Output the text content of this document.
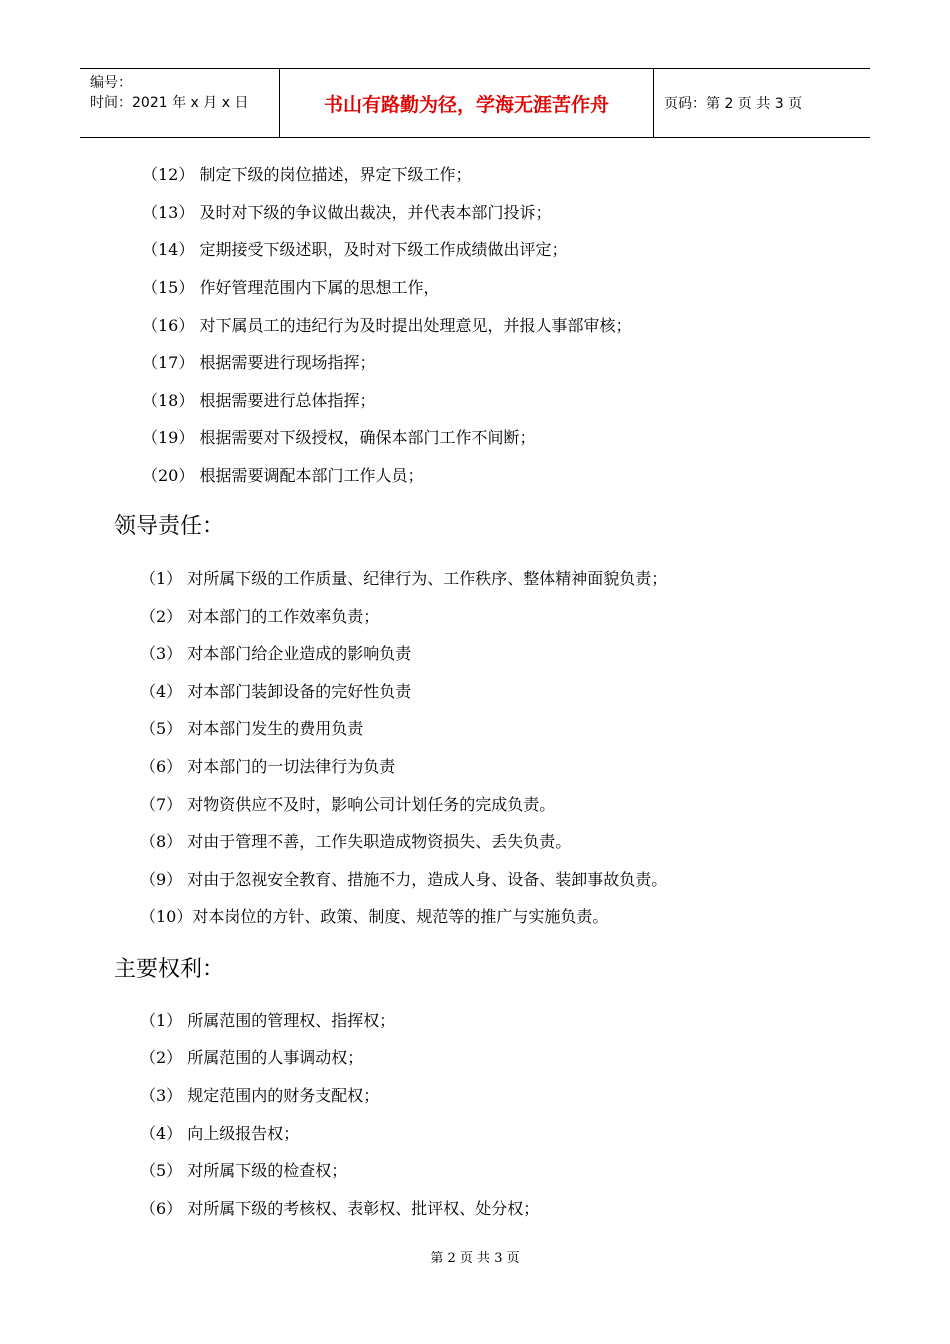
编号：
时间：2021 年 x 月 x 日	书山有路勤为径，学海无涯苦作舟	页码：第 2 页 共 3 页
（12） 制定下级的岗位描述，界定下级工作；
（13） 及时对下级的争议做出裁决，并代表本部门投诉；
（14） 定期接受下级述职，及时对下级工作成绩做出评定；
（15） 作好管理范围内下属的思想工作，
（16） 对下属员工的违纪行为及时提出处理意见，并报人事部审核；
（17） 根据需要进行现场指挥；
（18） 根据需要进行总体指挥；
（19） 根据需要对下级授权，确保本部门工作不间断；
（20） 根据需要调配本部门工作人员；
领导责任：
（1） 对所属下级的工作质量、纪律行为、工作秩序、整体精神面貌负责；
（2） 对本部门的工作效率负责；
（3） 对本部门给企业造成的影响负责
（4） 对本部门装卸设备的完好性负责
（5） 对本部门发生的费用负责
（6） 对本部门的一切法律行为负责
（7） 对物资供应不及时，影响公司计划任务的完成负责。
（8） 对由于管理不善，工作失职造成物资损失、丢失负责。
（9） 对由于忽视安全教育、措施不力，造成人身、设备、装卸事故负责。
（10）对本岗位的方针、政策、制度、规范等的推广与实施负责。
主要权利：
（1） 所属范围的管理权、指挥权；
（2） 所属范围的人事调动权；
（3） 规定范围内的财务支配权；
（4） 向上级报告权；
（5） 对所属下级的检查权；
（6） 对所属下级的考核权、表彰权、批评权、处分权；
第 2 页 共 3 页
